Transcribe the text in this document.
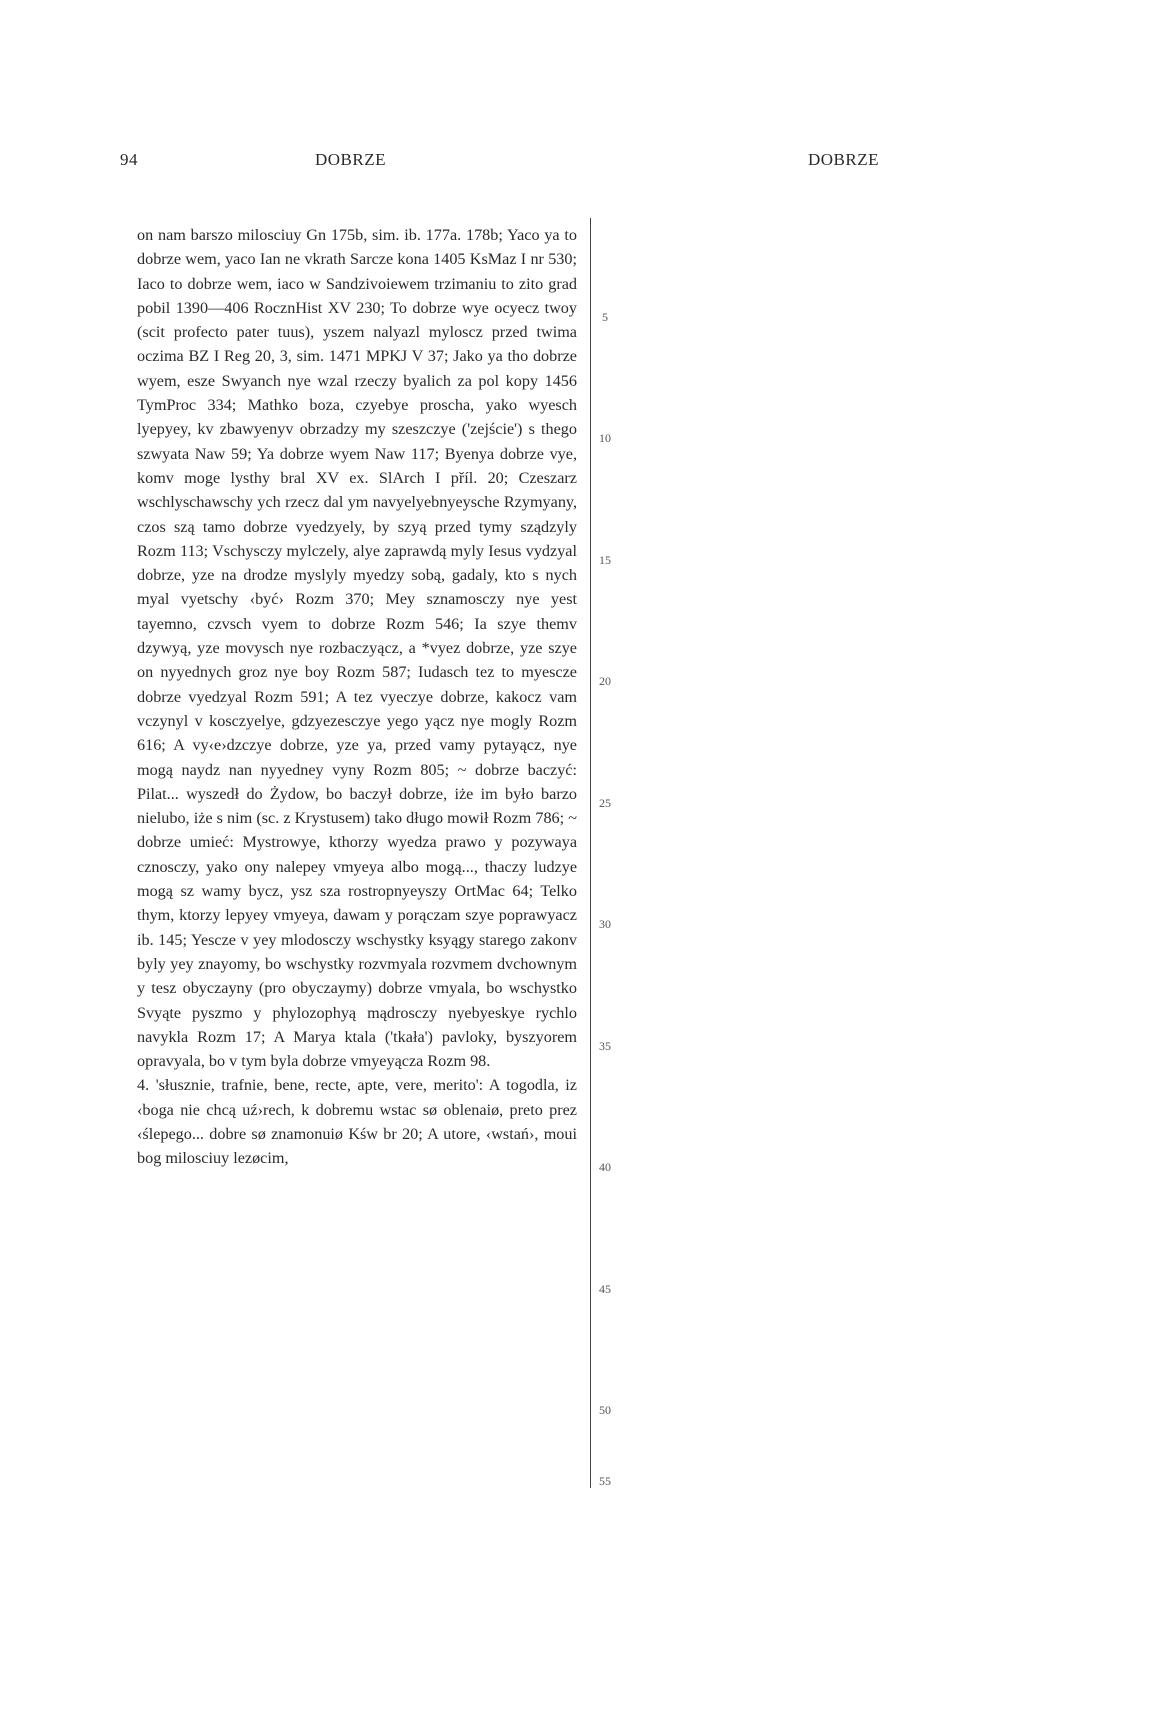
94	DOBRZE	DOBRZE
on nam barszo milosciuy Gn 175b, sim. ib. 177a. 178b; Yaco ya to dobrze wem, yaco Ian ne vkrath Sarcze kona 1405 KsMaz I nr 530; Iaco to dobrze wem, iaco w Sandzivoiewem trzimaniu to zito grad pobil 1390—406 RocznHist XV 230; To dobrze wye ocyecz twoy (scit profecto pater tuus), yszem nalyazl myloscz przed twima oczima BZ I Reg 20, 3, sim. 1471 MPKJ V 37; Jako ya tho dobrze wyem, esze Swyanch nye wzal rzeczy byalich za pol kopy 1456 TymProc 334; Mathko boza, czyebye proscha, yako wyesch lyepyey, kv zbawyenyv obrzadzy my szeszczye ('zejście') s thego szwyata Naw 59; Ya dobrze wyem Naw 117; Byenya dobrze vye, komv moge lysthy bral XV ex. SlArch I příl. 20; Czeszarz wschlyschawschy ych rzecz dal ym navyelyebnyeysche Rzymyany, czos szą tamo dobrze vyedzyely, by szyą przed tymy sządzyly Rozm 113; Vschysczy mylczely, alye zaprawdą myly Iesus vydzyal dobrze, yze na drodze myslyly myedzy sobą, gadaly, kto s nych myal vyetschy ‹być› Rozm 370; Mey sznamosczy nye yest tayemno, czvsch vyem to dobrze Rozm 546; Ia szye themv dzywyą, yze movysch nye rozbaczyącz, a *vyez dobrze, yze szye on nyyednych groz nye boy Rozm 587; Iudasch tez to myescze dobrze vyedzyal Rozm 591; A tez vyeczye dobrze, kakocz vam vczynyl v kosczyelye, gdzyezesczye yego yącz nye mogly Rozm 616; A vy‹e›dzczye dobrze, yze ya, przed vamy pytayącz, nye mogą naydz nan nyyedney vyny Rozm 805; ~ dobrze baczyć: Pilat... wyszedł do Żydow, bo baczył dobrze, iże im było barzo nielubo, iże s nim (sc. z Krystusem) tako długo mowił Rozm 786; ~ dobrze umieć: Mystrowye, kthorzy wyedza prawo y pozywaya cznosczy, yako ony nalepey vmyeya albo mogą..., thaczy ludzye mogą sz wamy bycz, ysz sza rostropnyeyszy OrtMac 64; Telko thym, ktorzy lepyey vmyeya, dawam y porączam szye poprawyacz ib. 145; Yescze v yey mlodosczy wschystky ksyągy starego zakonv byly yey znayomy, bo wschystky rozvmyala rozvmem dvchownym y tesz obyczayny (pro obyczaymy) dobrze vmyala, bo wschystko Svyąte pyszmo y phylozophyą mądrosczy nyebyeskye rychlo navykla Rozm 17; A Marya ktala ('tkała') pavloky, byszyorem opravyala, bo v tym byla dobrze vmyeyącza Rozm 98.
4. 'słusznie, trafnie, bene, recte, apte, vere, merito': A togodla, iz ‹boga nie chcą uź›rech, k dobremu wstac sø oblenaiø, preto prez ‹ślepego... dobre sø znamonuiø Kśw br 20; A utore, ‹wstań›, moui bog milosciuy lezøcim,
5
10
15
20
25
30
35
40
45
50
55
